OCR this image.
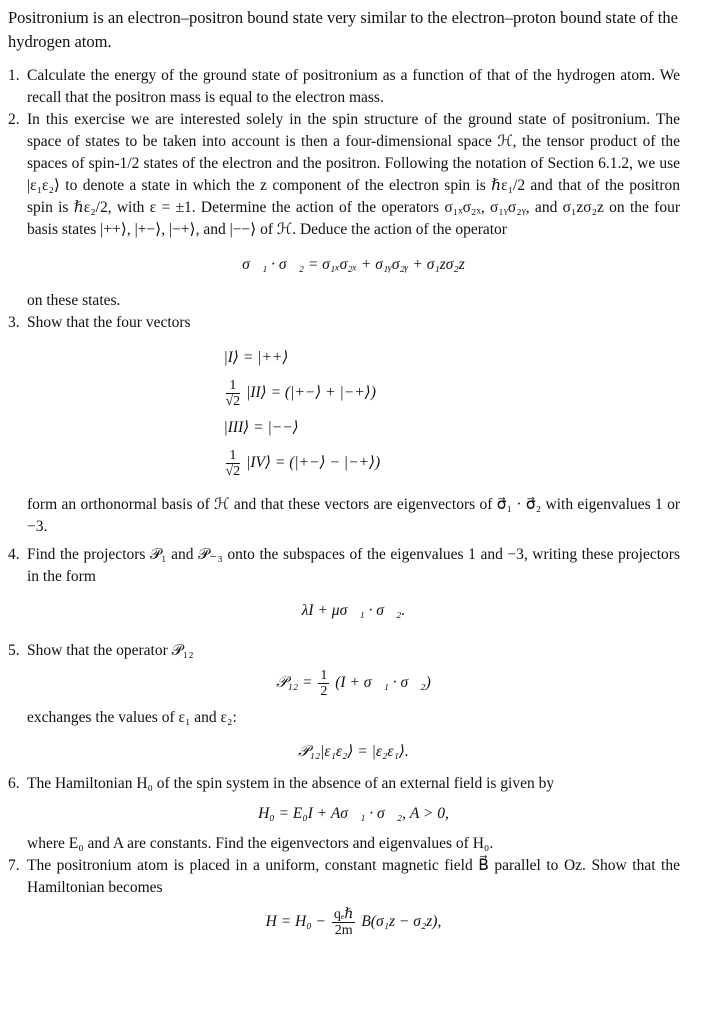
Positronium is an electron–positron bound state very similar to the electron–proton bound state of the hydrogen atom.

1. Calculate the energy of the ground state of positronium as a function of that of the hydrogen atom. We recall that the positron mass is equal to the electron mass.

2. In this exercise we are interested solely in the spin structure of the ground state of positronium. The space of states to be taken into account is then a four-dimensional space ℋ, the tensor product of the spaces of spin-1/2 states of the electron and the positron. Following the notation of Section 6.1.2, we use |ε₁ε₂⟩ to denote a state in which the z component of the electron spin is ℏε₁/2 and that of the positron spin is ℏε₂/2, with ε = ±1. Determine the action of the operators σ₁ₓσ₂ₓ, σ₁ᵧσ₂ᵧ, and σ₁zσ₂z on the four basis states |++⟩, |+−⟩, |−+⟩, and |−−⟩ of ℋ. Deduce the action of the operator

σ⃗₁ · σ⃗₂ = σ₁ₓσ₂ₓ + σ₁ᵧσ₂ᵧ + σ₁zσ₂z

on these states.

3. Show that the four vectors

|I⟩ = |++⟩
$\frac{1}{√2}$ |II⟩ = (|+−⟩ + |−+⟩)
|III⟩ = |−−⟩
$\frac{1}{√2}$ |IV⟩ = (|+−⟩ − |−+⟩)

form an orthonormal basis of ℋ and that these vectors are eigenvectors of σ⃗₁ · σ⃗₂ with eigenvalues 1 or −3.

4. Find the projectors 𝒫₁ and 𝒫₋₃ onto the subspaces of the eigenvalues 1 and −3, writing these projectors in the form

λI + μσ⃗₁ · σ⃗₂.

5. Show that the operator 𝒫₁₂

𝒫₁₂ = $\frac{1}{2} (I$ + σ⃗₁ · σ⃗₂)

exchanges the values of ε₁ and ε₂:

𝒫₁₂|ε₁ε₂⟩ = |ε₂ε₁⟩.

6. The Hamiltonian H₀ of the spin system in the absence of an external field is given by

H₀ = E₀I + Aσ⃗₁ · σ⃗₂, A > 0,

where E₀ and A are constants. Find the eigenvectors and eigenvalues of H₀.

7. The positronium atom is placed in a uniform, constant magnetic field B⃗ parallel to Oz. Show that the Hamiltonian becomes

$H = H_0 - \frac{\text{qₑℏ}}{2m} B(\sigma_1z - \sigma_2z)$,
